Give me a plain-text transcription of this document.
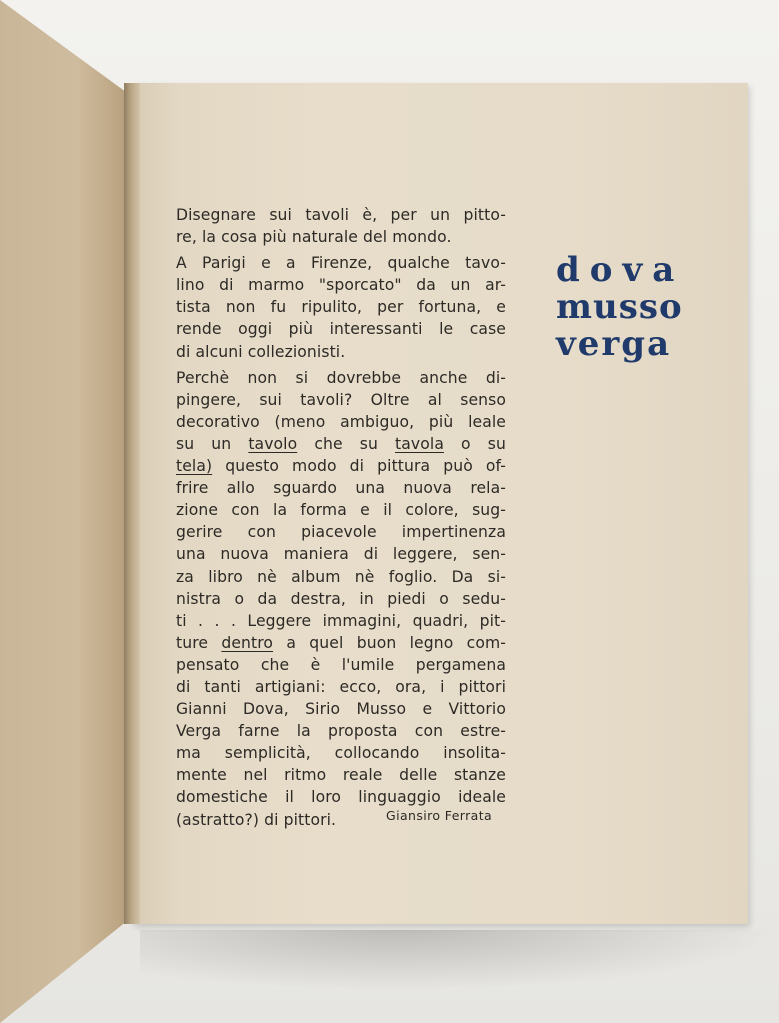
Disegnare sui tavoli è, per un pitto-
re, la cosa più naturale del mondo.

A Parigi e a Firenze, qualche tavo-
lino di marmo "sporcato" da un ar-
tista non fu ripulito, per fortuna, e
rende oggi più interessanti le case
di alcuni collezionisti.

Perchè non si dovrebbe anche di-
pingere, sui tavoli? Oltre al senso
decorativo (meno ambiguo, più leale
su un tavolo che su tavola o su
tela) questo modo di pittura può of-
frire allo sguardo una nuova rela-
zione con la forma e il colore, sug-
gerire con piacevole impertinenza
una nuova maniera di leggere, sen-
za libro nè album nè foglio. Da si-
nistra o da destra, in piedi o sedu-
ti . . . Leggere immagini, quadri, pit-
ture dentro a quel buon legno com-
pensato che è l'umile pergamena
di tanti artigiani: ecco, ora, i pittori
Gianni Dova, Sirio Musso e Vittorio
Verga farne la proposta con estre-
ma semplicità, collocando insolita-
mente nel ritmo reale delle stanze
domestiche il loro linguaggio ideale
(astratto?) di pittori.	Giansiro Ferrata
dova
musso
verga
